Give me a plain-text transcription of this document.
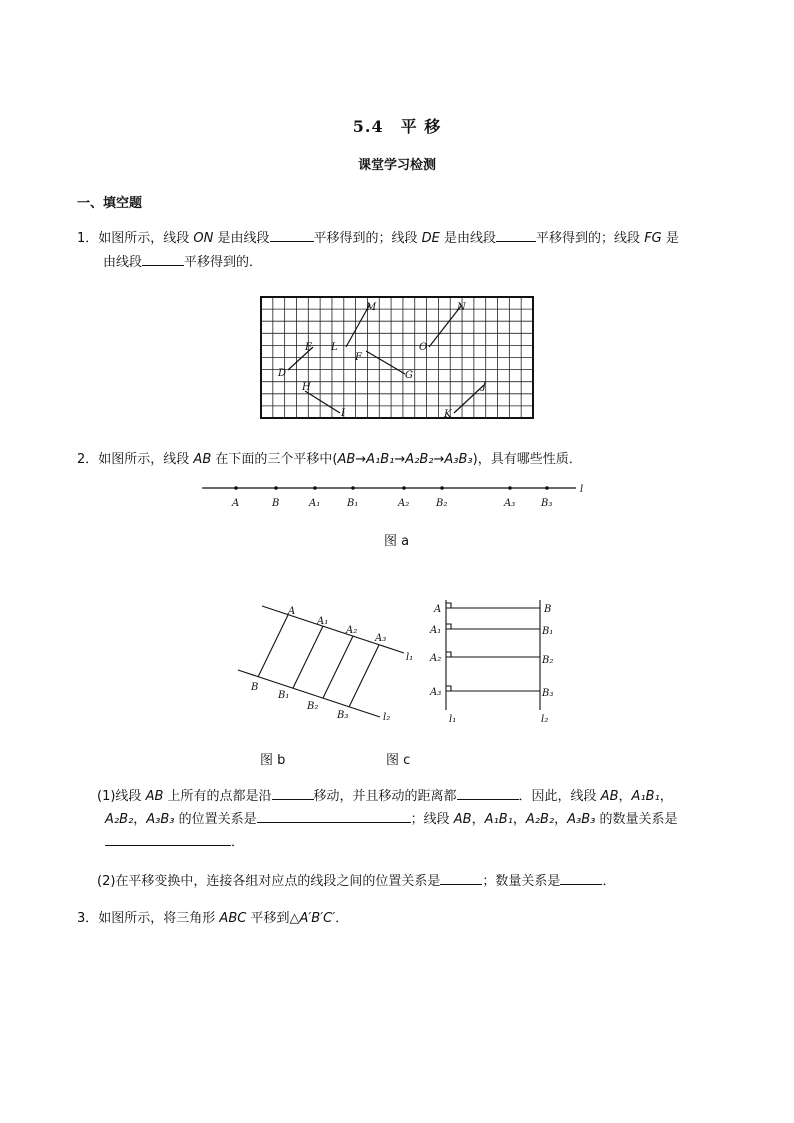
5.4　平 移
课堂学习检测
一、填空题
1．如图所示，线段 ON 是由线段	平移得到的；线段 DE 是由线段	平移得到的；线段 FG 是
由线段	平移得到的．
M	N
E L
F
O
D	G
H	J
I	K
2．如图所示，线段 AB 在下面的三个平移中(AB→A₁B₁→A₂B₂→A₃B₃)，具有哪些性质．
A	B	A₁	B₁	A₂	B₂	A₃	B₃
l
图 a
A
A₁
A₂
A₃
B
B₁
B₂
B₃
l₁
l₂
图 b
A
A₁
A₂
A₃
B
B₁
B₂
B₃
l₁	l₂
图 c
(1)线段 AB 上所有的点都是沿	移动，并且移动的距离都	．因此，线段 AB，A₁B₁，
A₂B₂，A₃B₃ 的位置关系是	；线段 AB，A₁B₁，A₂B₂，A₃B₃ 的数量关系是
．
(2)在平移变换中，连接各组对应点的线段之间的位置关系是	；数量关系是	．
3．如图所示，将三角形 ABC 平移到△A′B′C′．
